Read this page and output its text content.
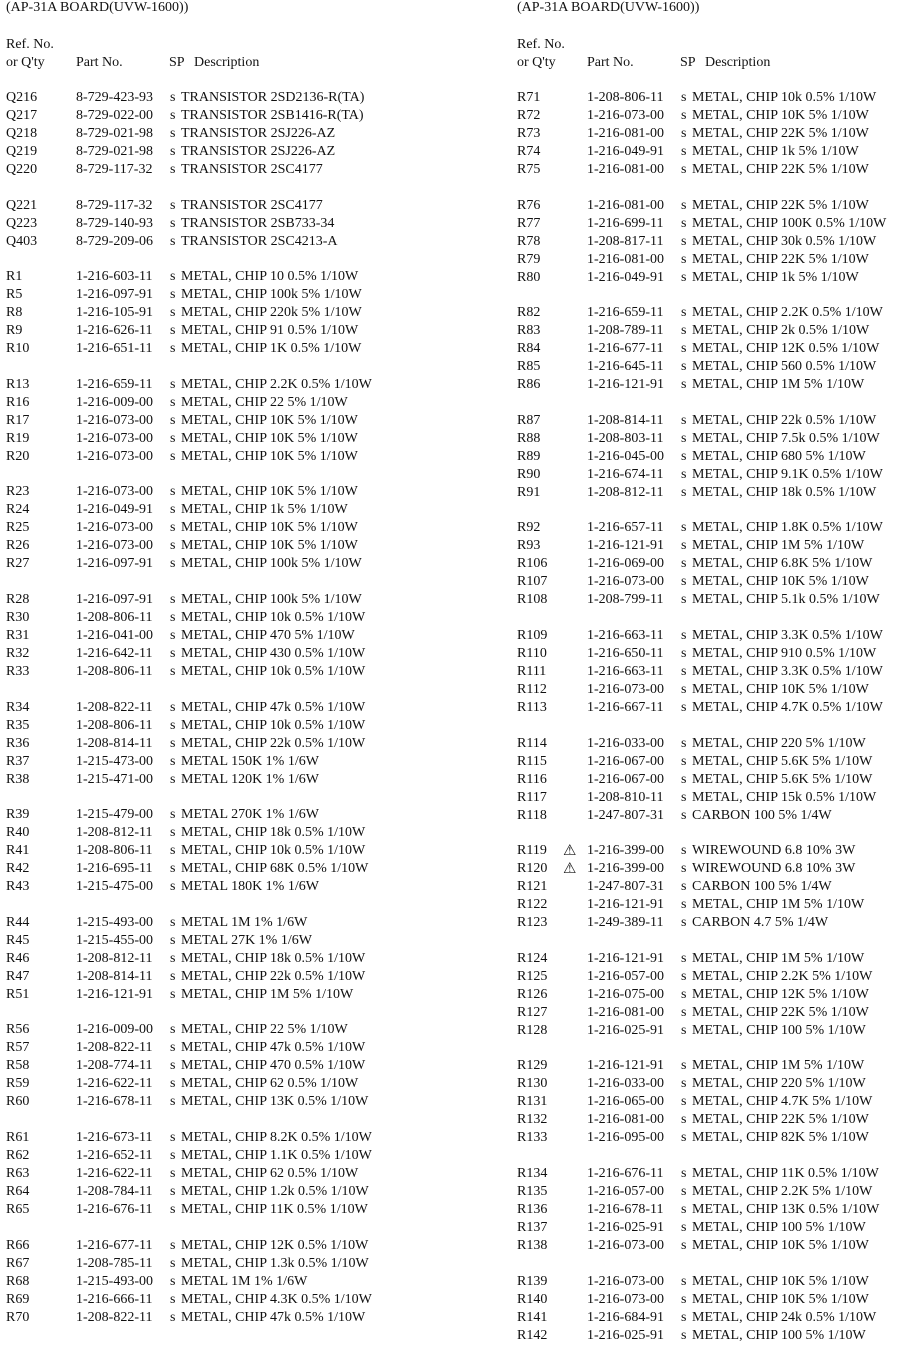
(AP-31A BOARD(UVW-1600))
Ref. No.
or Q'ty Part No.	SP Description
Q216	8-729-423-93 s TRANSISTOR 2SD2136-R(TA)
Q217	8-729-022-00 s TRANSISTOR 2SB1416-R(TA)
Q218	8-729-021-98 s TRANSISTOR 2SJ226-AZ
Q219	8-729-021-98 s TRANSISTOR 2SJ226-AZ
Q220	8-729-117-32 s TRANSISTOR 2SC4177
Q221	8-729-117-32 s TRANSISTOR 2SC4177
Q223	8-729-140-93 s TRANSISTOR 2SB733-34
Q403	8-729-209-06 s TRANSISTOR 2SC4213-A
R1	1-216-603-11 s METAL, CHIP 10 0.5% 1/10W
R5	1-216-097-91 s METAL, CHIP 100k 5% 1/10W
R8	1-216-105-91 s METAL, CHIP 220k 5% 1/10W
R9	1-216-626-11 s METAL, CHIP 91 0.5% 1/10W
R10	1-216-651-11 s METAL, CHIP 1K 0.5% 1/10W
R13	1-216-659-11 s METAL, CHIP 2.2K 0.5% 1/10W
R16	1-216-009-00 s METAL, CHIP 22 5% 1/10W
R17	1-216-073-00 s METAL, CHIP 10K 5% 1/10W
R19	1-216-073-00 s METAL, CHIP 10K 5% 1/10W
R20	1-216-073-00 s METAL, CHIP 10K 5% 1/10W
R23	1-216-073-00 s METAL, CHIP 10K 5% 1/10W
R24	1-216-049-91 s METAL, CHIP 1k 5% 1/10W
R25	1-216-073-00 s METAL, CHIP 10K 5% 1/10W
R26	1-216-073-00 s METAL, CHIP 10K 5% 1/10W
R27	1-216-097-91 s METAL, CHIP 100k 5% 1/10W
R28	1-216-097-91 s METAL, CHIP 100k 5% 1/10W
R30	1-208-806-11 s METAL, CHIP 10k 0.5% 1/10W
R31	1-216-041-00 s METAL, CHIP 470 5% 1/10W
R32	1-216-642-11 s METAL, CHIP 430 0.5% 1/10W
R33	1-208-806-11 s METAL, CHIP 10k 0.5% 1/10W
R34	1-208-822-11 s METAL, CHIP 47k 0.5% 1/10W
R35	1-208-806-11 s METAL, CHIP 10k 0.5% 1/10W
R36	1-208-814-11 s METAL, CHIP 22k 0.5% 1/10W
R37	1-215-473-00 s METAL 150K 1% 1/6W
R38	1-215-471-00 s METAL 120K 1% 1/6W
R39	1-215-479-00 s METAL 270K 1% 1/6W
R40	1-208-812-11 s METAL, CHIP 18k 0.5% 1/10W
R41	1-208-806-11 s METAL, CHIP 10k 0.5% 1/10W
R42	1-216-695-11 s METAL, CHIP 68K 0.5% 1/10W
R43	1-215-475-00 s METAL 180K 1% 1/6W
R44	1-215-493-00 s METAL 1M 1% 1/6W
R45	1-215-455-00 s METAL 27K 1% 1/6W
R46	1-208-812-11 s METAL, CHIP 18k 0.5% 1/10W
R47	1-208-814-11 s METAL, CHIP 22k 0.5% 1/10W
R51	1-216-121-91 s METAL, CHIP 1M 5% 1/10W
R56	1-216-009-00 s METAL, CHIP 22 5% 1/10W
R57	1-208-822-11 s METAL, CHIP 47k 0.5% 1/10W
R58	1-208-774-11 s METAL, CHIP 470 0.5% 1/10W
R59	1-216-622-11 s METAL, CHIP 62 0.5% 1/10W
R60	1-216-678-11 s METAL, CHIP 13K 0.5% 1/10W
R61	1-216-673-11 s METAL, CHIP 8.2K 0.5% 1/10W
R62	1-216-652-11 s METAL, CHIP 1.1K 0.5% 1/10W
R63	1-216-622-11 s METAL, CHIP 62 0.5% 1/10W
R64	1-208-784-11 s METAL, CHIP 1.2k 0.5% 1/10W
R65	1-216-676-11 s METAL, CHIP 11K 0.5% 1/10W
R66	1-216-677-11 s METAL, CHIP 12K 0.5% 1/10W
R67	1-208-785-11 s METAL, CHIP 1.3k 0.5% 1/10W
R68	1-215-493-00 s METAL 1M 1% 1/6W
R69	1-216-666-11 s METAL, CHIP 4.3K 0.5% 1/10W
R70	1-208-822-11 s METAL, CHIP 47k 0.5% 1/10W
(AP-31A BOARD(UVW-1600))
Ref. No.
or Q'ty Part No.	SP Description
R71	1-208-806-11 s METAL, CHIP 10k 0.5% 1/10W
R72	1-216-073-00 s METAL, CHIP 10K 5% 1/10W
R73	1-216-081-00 s METAL, CHIP 22K 5% 1/10W
R74	1-216-049-91 s METAL, CHIP 1k 5% 1/10W
R75	1-216-081-00 s METAL, CHIP 22K 5% 1/10W
R76	1-216-081-00 s METAL, CHIP 22K 5% 1/10W
R77	1-216-699-11 s METAL, CHIP 100K 0.5% 1/10W
R78	1-208-817-11 s METAL, CHIP 30k 0.5% 1/10W
R79	1-216-081-00 s METAL, CHIP 22K 5% 1/10W
R80	1-216-049-91 s METAL, CHIP 1k 5% 1/10W
R82	1-216-659-11 s METAL, CHIP 2.2K 0.5% 1/10W
R83	1-208-789-11 s METAL, CHIP 2k 0.5% 1/10W
R84	1-216-677-11 s METAL, CHIP 12K 0.5% 1/10W
R85	1-216-645-11 s METAL, CHIP 560 0.5% 1/10W
R86	1-216-121-91 s METAL, CHIP 1M 5% 1/10W
R87	1-208-814-11 s METAL, CHIP 22k 0.5% 1/10W
R88	1-208-803-11 s METAL, CHIP 7.5k 0.5% 1/10W
R89	1-216-045-00 s METAL, CHIP 680 5% 1/10W
R90	1-216-674-11 s METAL, CHIP 9.1K 0.5% 1/10W
R91	1-208-812-11 s METAL, CHIP 18k 0.5% 1/10W
R92	1-216-657-11 s METAL, CHIP 1.8K 0.5% 1/10W
R93	1-216-121-91 s METAL, CHIP 1M 5% 1/10W
R106	1-216-069-00 s METAL, CHIP 6.8K 5% 1/10W
R107	1-216-073-00 s METAL, CHIP 10K 5% 1/10W
R108	1-208-799-11 s METAL, CHIP 5.1k 0.5% 1/10W
R109	1-216-663-11 s METAL, CHIP 3.3K 0.5% 1/10W
R110	1-216-650-11 s METAL, CHIP 910 0.5% 1/10W
R111	1-216-663-11 s METAL, CHIP 3.3K 0.5% 1/10W
R112	1-216-073-00 s METAL, CHIP 10K 5% 1/10W
R113	1-216-667-11 s METAL, CHIP 4.7K 0.5% 1/10W
R114	1-216-033-00 s METAL, CHIP 220 5% 1/10W
R115	1-216-067-00 s METAL, CHIP 5.6K 5% 1/10W
R116	1-216-067-00 s METAL, CHIP 5.6K 5% 1/10W
R117	1-208-810-11 s METAL, CHIP 15k 0.5% 1/10W
R118	1-247-807-31 s CARBON 100 5% 1/4W
R119	1-216-399-00 s WIREWOUND 6.8 10% 3W
⚠
R120	1-216-399-00 s WIREWOUND 6.8 10% 3W
⚠
R121	1-247-807-31 s CARBON 100 5% 1/4W
R122	1-216-121-91 s METAL, CHIP 1M 5% 1/10W
R123	1-249-389-11 s CARBON 4.7 5% 1/4W
R124	1-216-121-91 s METAL, CHIP 1M 5% 1/10W
R125	1-216-057-00 s METAL, CHIP 2.2K 5% 1/10W
R126	1-216-075-00 s METAL, CHIP 12K 5% 1/10W
R127	1-216-081-00 s METAL, CHIP 22K 5% 1/10W
R128	1-216-025-91 s METAL, CHIP 100 5% 1/10W
R129	1-216-121-91 s METAL, CHIP 1M 5% 1/10W
R130	1-216-033-00 s METAL, CHIP 220 5% 1/10W
R131	1-216-065-00 s METAL, CHIP 4.7K 5% 1/10W
R132	1-216-081-00 s METAL, CHIP 22K 5% 1/10W
R133	1-216-095-00 s METAL, CHIP 82K 5% 1/10W
R134	1-216-676-11 s METAL, CHIP 11K 0.5% 1/10W
R135	1-216-057-00 s METAL, CHIP 2.2K 5% 1/10W
R136	1-216-678-11 s METAL, CHIP 13K 0.5% 1/10W
R137	1-216-025-91 s METAL, CHIP 100 5% 1/10W
R138	1-216-073-00 s METAL, CHIP 10K 5% 1/10W
R139	1-216-073-00 s METAL, CHIP 10K 5% 1/10W
R140	1-216-073-00 s METAL, CHIP 10K 5% 1/10W
R141	1-216-684-91 s METAL, CHIP 24k 0.5% 1/10W
R142	1-216-025-91 s METAL, CHIP 100 5% 1/10W
